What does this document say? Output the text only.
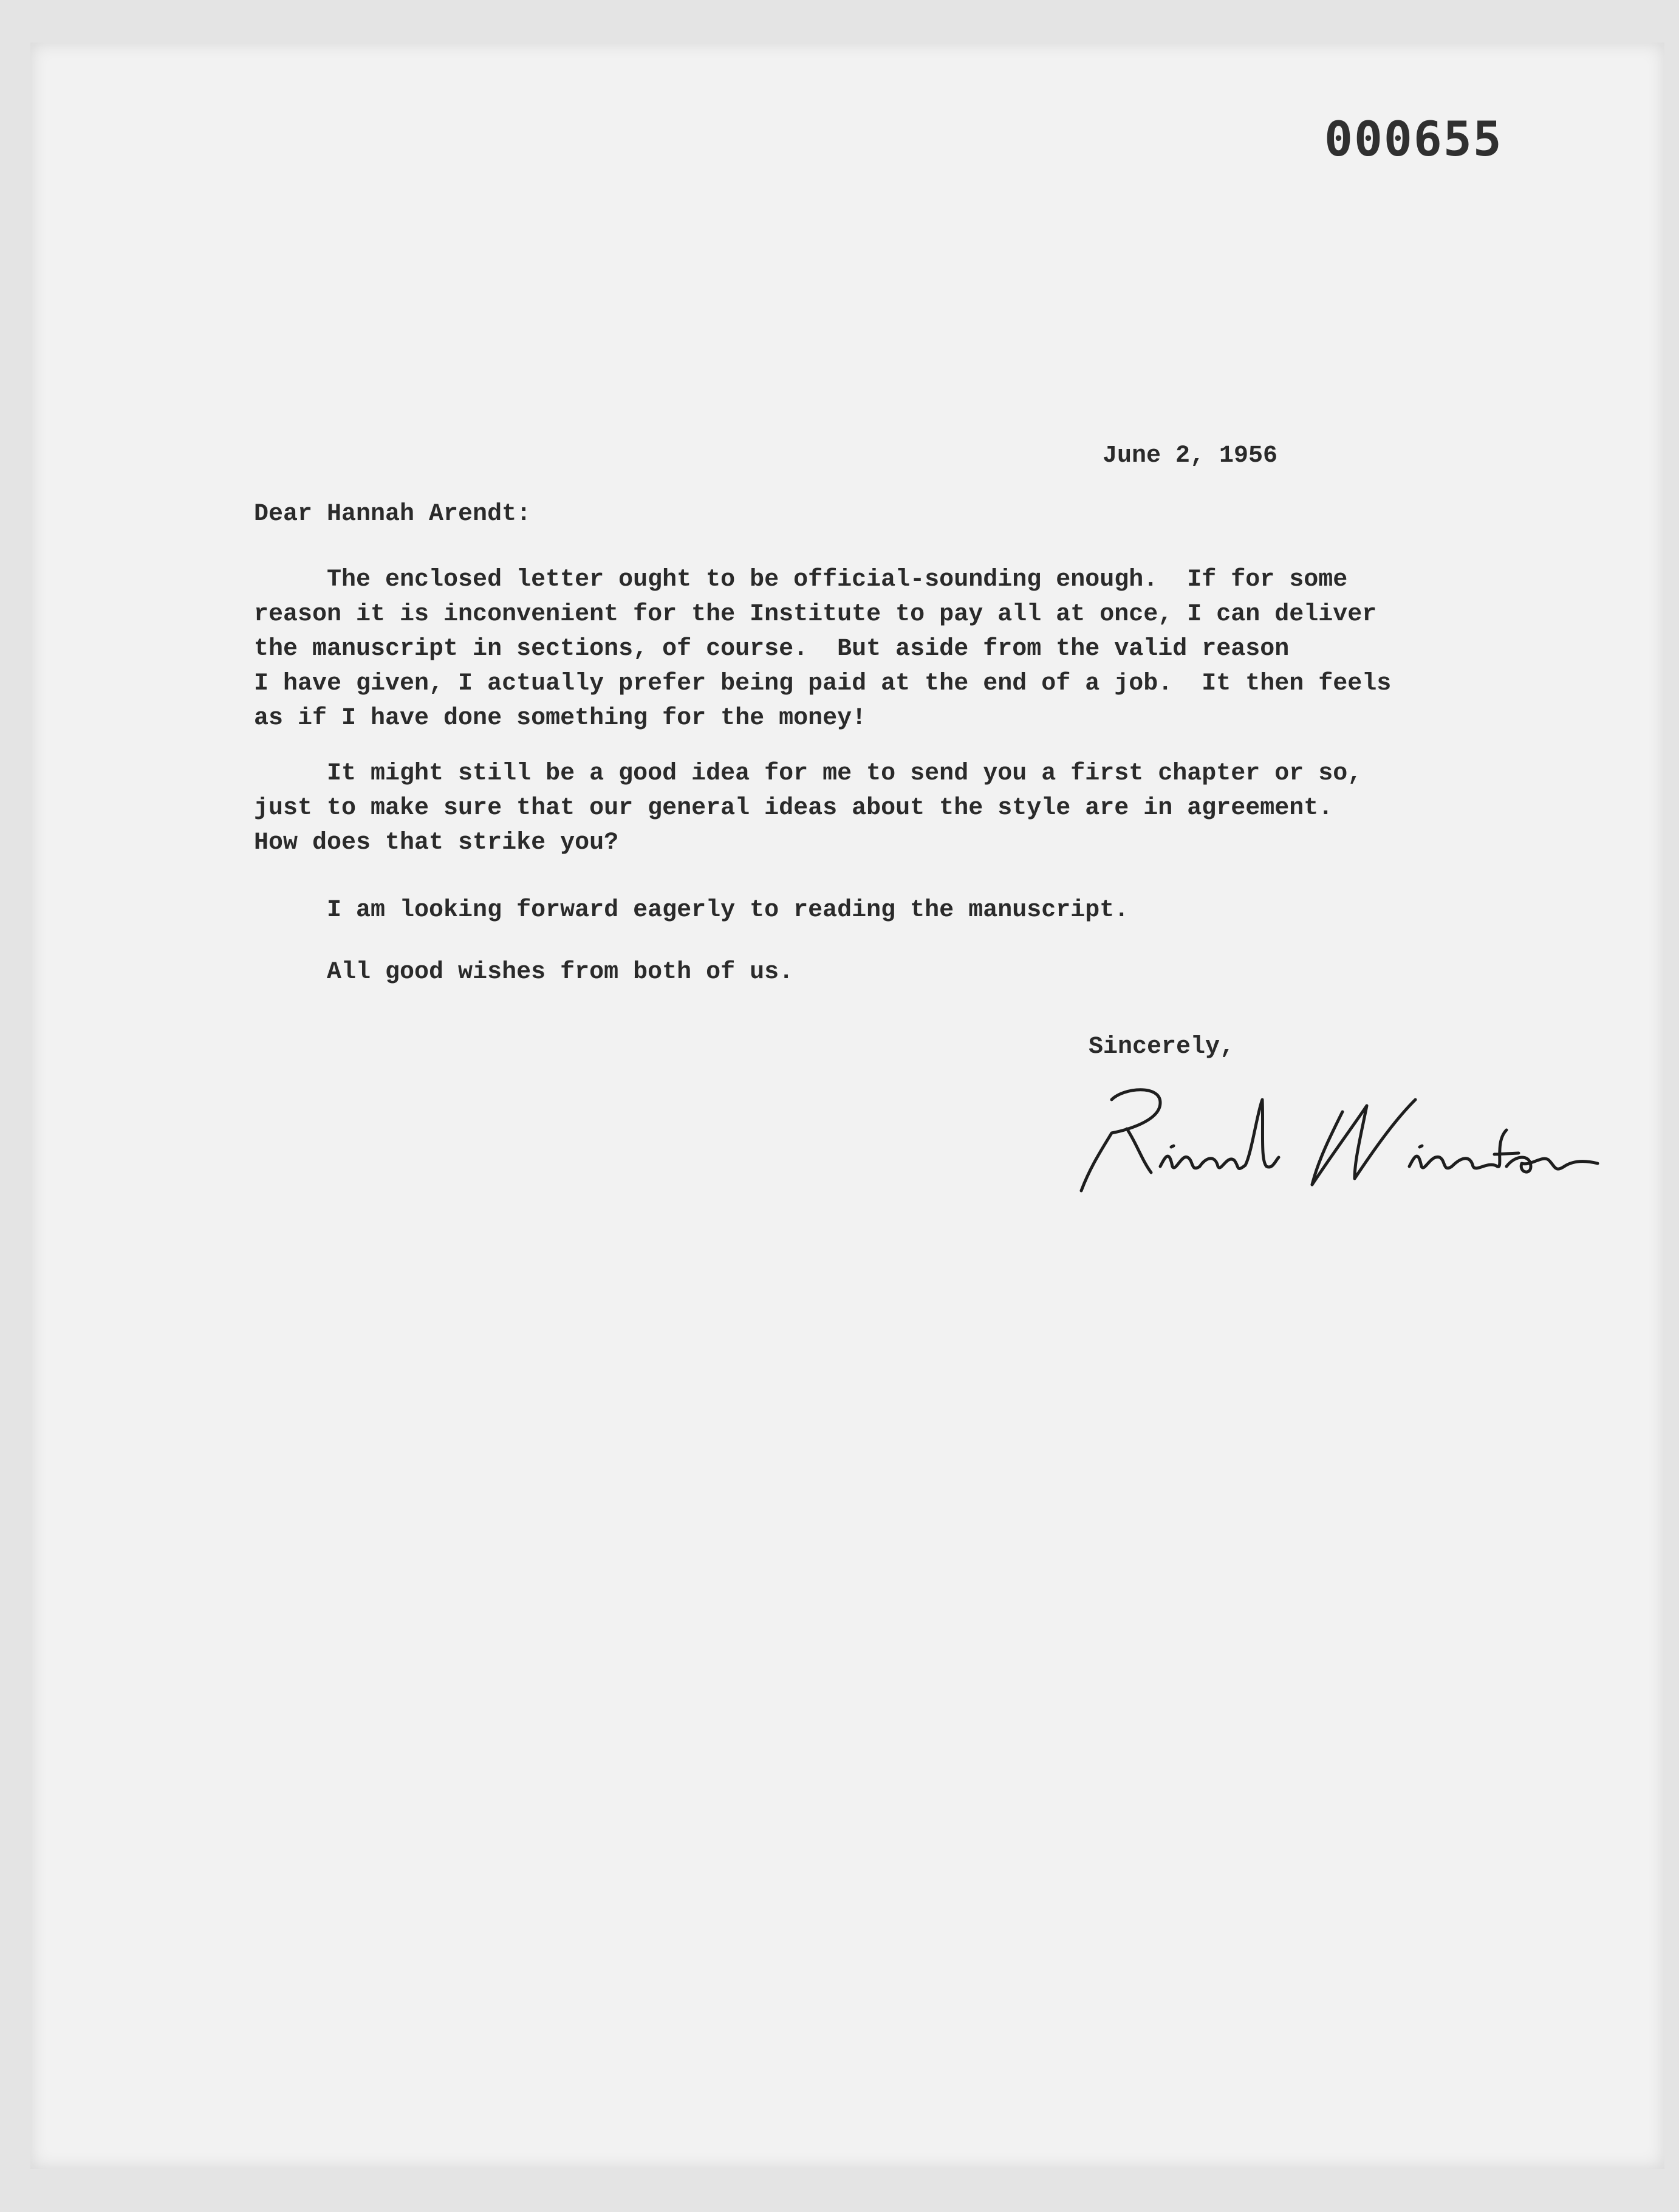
000655
June 2, 1956
Dear Hannah Arendt:
The enclosed letter ought to be official-sounding enough.  If for some
reason it is inconvenient for the Institute to pay all at once, I can deliver
the manuscript in sections, of course.  But aside from the valid reason
I have given, I actually prefer being paid at the end of a job.  It then feels
as if I have done something for the money!
It might still be a good idea for me to send you a first chapter or so,
just to make sure that our general ideas about the style are in agreement.
How does that strike you?
I am looking forward eagerly to reading the manuscript.
All good wishes from both of us.
Sincerely,
